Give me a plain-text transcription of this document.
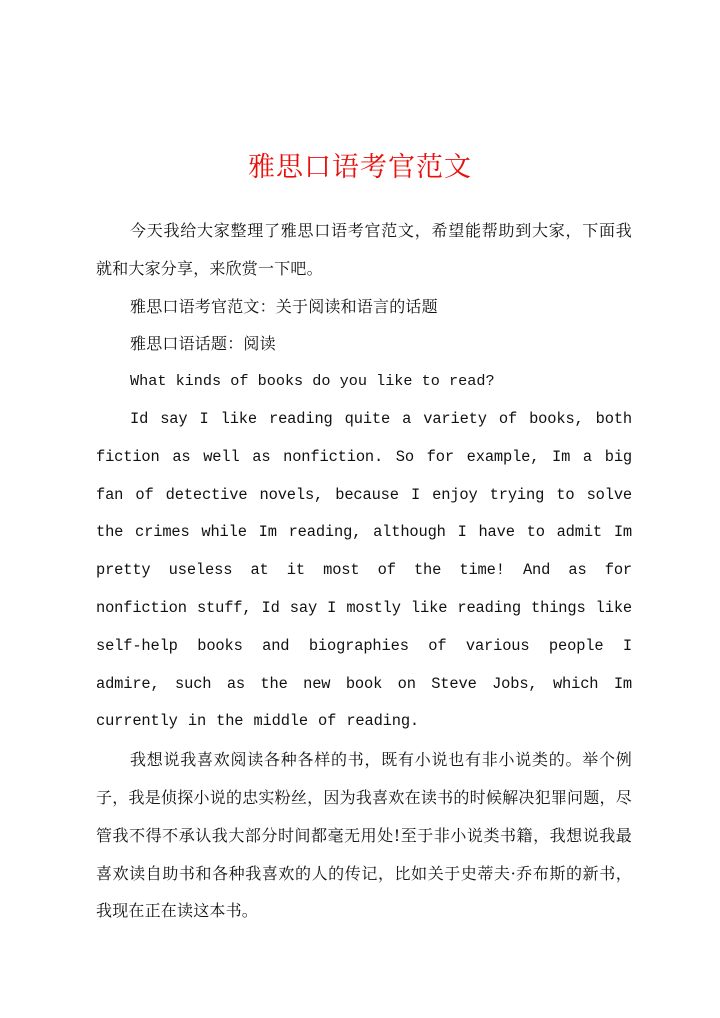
雅思口语考官范文

今天我给大家整理了雅思口语考官范文，希望能帮助到大家，下面我就和大家分享，来欣赏一下吧。

雅思口语考官范文：关于阅读和语言的话题

雅思口语话题：阅读

What kinds of books do you like to read?

Id say I like reading quite a variety of books, both fiction as well as nonfiction. So for example, Im a big fan of detective novels, because I enjoy trying to solve the crimes while Im reading, although I have to admit Im pretty useless at it most of the time! And as for nonfiction stuff, Id say I mostly like reading things like self-help books and biographies of various people I admire, such as the new book on Steve Jobs, which Im currently in the middle of reading.

我想说我喜欢阅读各种各样的书，既有小说也有非小说类的。举个例子，我是侦探小说的忠实粉丝，因为我喜欢在读书的时候解决犯罪问题，尽管我不得不承认我大部分时间都毫无用处!至于非小说类书籍，我想说我最喜欢读自助书和各种我喜欢的人的传记，比如关于史蒂夫·乔布斯的新书，我现在正在读这本书。
